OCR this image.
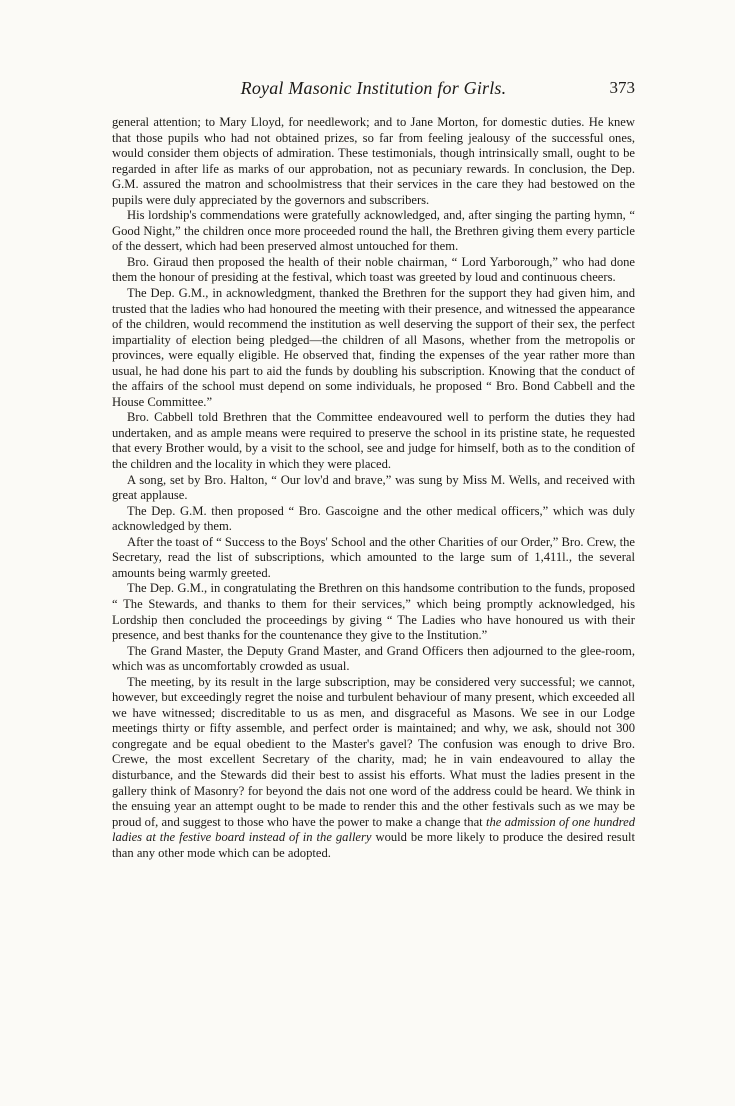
Royal Masonic Institution for Girls.	373

general attention; to Mary Lloyd, for needlework; and to Jane Morton, for domestic duties. He knew that those pupils who had not obtained prizes, so far from feeling jealousy of the successful ones, would consider them objects of admiration. These testimonials, though intrinsically small, ought to be regarded in after life as marks of our approbation, not as pecuniary rewards. In conclusion, the Dep. G.M. assured the matron and schoolmistress that their services in the care they had bestowed on the pupils were duly appreciated by the governors and subscribers.

His lordship's commendations were gratefully acknowledged, and, after singing the parting hymn, “ Good Night,” the children once more proceeded round the hall, the Brethren giving them every particle of the dessert, which had been preserved almost untouched for them.

Bro. Giraud then proposed the health of their noble chairman, “ Lord Yarborough,” who had done them the honour of presiding at the festival, which toast was greeted by loud and continuous cheers.

The Dep. G.M., in acknowledgment, thanked the Brethren for the support they had given him, and trusted that the ladies who had honoured the meeting with their presence, and witnessed the appearance of the children, would recommend the institution as well deserving the support of their sex, the perfect impartiality of election being pledged—the children of all Masons, whether from the metropolis or provinces, were equally eligible. He observed that, finding the expenses of the year rather more than usual, he had done his part to aid the funds by doubling his subscription. Knowing that the conduct of the affairs of the school must depend on some individuals, he proposed “ Bro. Bond Cabbell and the House Committee.”

Bro. Cabbell told Brethren that the Committee endeavoured well to perform the duties they had undertaken, and as ample means were required to preserve the school in its pristine state, he requested that every Brother would, by a visit to the school, see and judge for himself, both as to the condition of the children and the locality in which they were placed.

A song, set by Bro. Halton, “ Our lov'd and brave,” was sung by Miss M. Wells, and received with great applause.

The Dep. G.M. then proposed “ Bro. Gascoigne and the other medical officers,” which was duly acknowledged by them.

After the toast of “ Success to the Boys' School and the other Charities of our Order,” Bro. Crew, the Secretary, read the list of subscriptions, which amounted to the large sum of 1,411l., the several amounts being warmly greeted.

The Dep. G.M., in congratulating the Brethren on this handsome contribution to the funds, proposed “ The Stewards, and thanks to them for their services,” which being promptly acknowledged, his Lordship then concluded the proceedings by giving “ The Ladies who have honoured us with their presence, and best thanks for the countenance they give to the Institution.”

The Grand Master, the Deputy Grand Master, and Grand Officers then adjourned to the glee-room, which was as uncomfortably crowded as usual.

The meeting, by its result in the large subscription, may be considered very successful; we cannot, however, but exceedingly regret the noise and turbulent behaviour of many present, which exceeded all we have witnessed; discreditable to us as men, and disgraceful as Masons. We see in our Lodge meetings thirty or fifty assemble, and perfect order is maintained; and why, we ask, should not 300 congregate and be equal obedient to the Master's gavel? The confusion was enough to drive Bro. Crewe, the most excellent Secretary of the charity, mad; he in vain endeavoured to allay the disturbance, and the Stewards did their best to assist his efforts. What must the ladies present in the gallery think of Masonry? for beyond the dais not one word of the address could be heard. We think in the ensuing year an attempt ought to be made to render this and the other festivals such as we may be proud of, and suggest to those who have the power to make a change that the admission of one hundred ladies at the festive board instead of in the gallery would be more likely to produce the desired result than any other mode which can be adopted.
